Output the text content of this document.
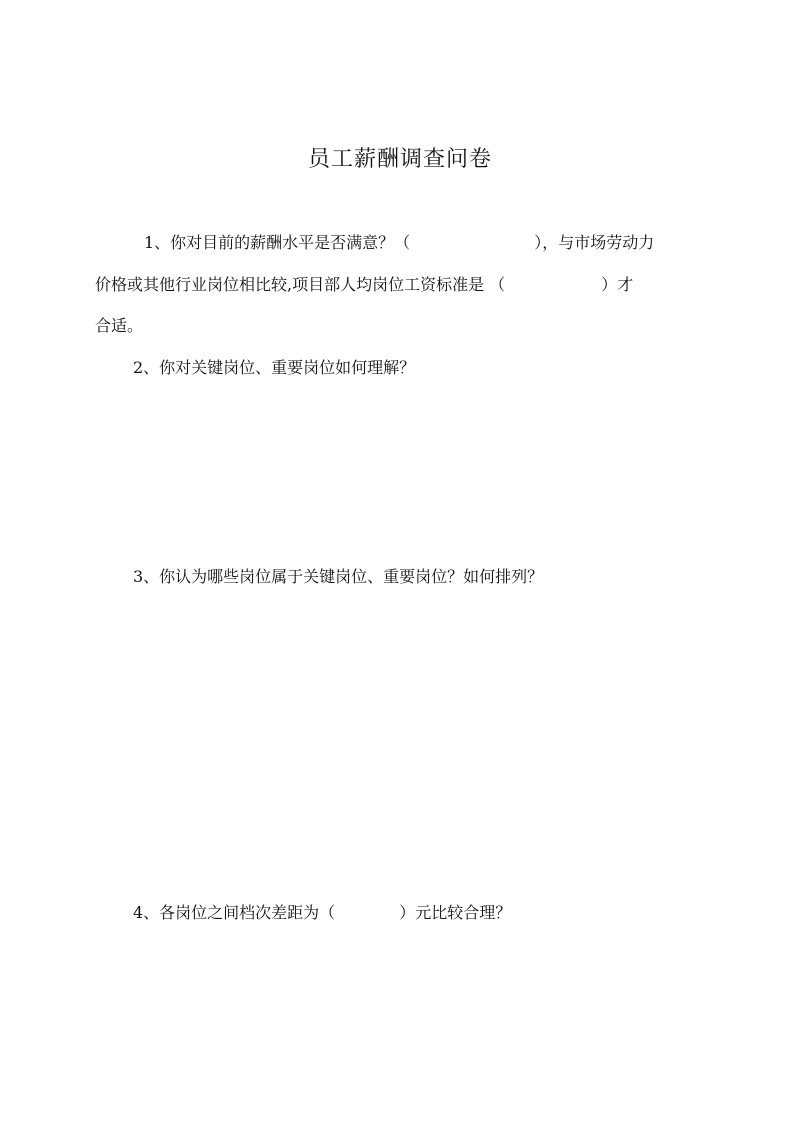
员工薪酬调查问卷
1、你对目前的薪酬水平是否满意？（	），与市场劳动力
价格或其他行业岗位相比较,项目部人均岗位工资标准是 （	）才
合适。
2、你对关键岗位、重要岗位如何理解？
3、你认为哪些岗位属于关键岗位、重要岗位？如何排列？
4、各岗位之间档次差距为（	）元比较合理？
